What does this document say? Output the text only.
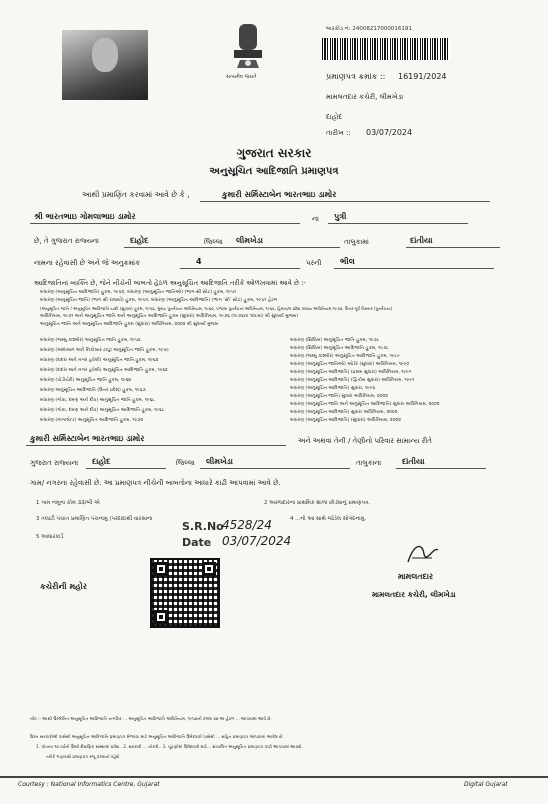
સત્યમેવ જયતે
બારકોડ નં: 24008217000016191
પ્રમાણપત્ર ક્રમાંક :: 16191/2024
મામલતદાર કચેરી, લીમખેડા
દાહોદ
તારીખ :: 03/07/2024
ગુજરાત સરકાર
અનુસૂચિત આદિજાતિ પ્રમાણપત્ર
આથી પ્રમાણિત કરવામાં આવે છે કે ,	કુમારી સર્મિસ્ટાબેન ભારતભાઇ ડામોર
શ્રી ભારતભાઇ ગોમલાભાઇ ડામોર	ના પુત્રી
છે, તે ગુજરાત રાજ્યના	દાહોદ	જિલ્લા લીમખેડા	તાલુકામાં	દાંતીયા
નામના રહેવાસી છે અને જે અનુક્રમાંક	4	પરની ભીલ
આદિજાતિનાં વ્યક્તિ છે, જેને નીચેની બાબતો હેઠળ અનુસૂચિત આદિજાતિ તરીકે ઓળખવામાં આવે છે :-
બંધારણ (અનુસૂચિત આદિજાતિ) હુકમ, ૧૯૫૦, બંધારણ (અનુસૂચિત જાતિઓ) (ભાગ-સી સ્ટેટ) હુકમ, ૧૯૫૧
બંધારણ (અનુસૂચિત જાતિ) (ભાગ સી રાજ્યો) હુકમ, ૧૯૫૧, બંધારણ (અનુસૂચિત આદિજાતિ) (ભાગ ‘સી’ સ્ટેટ) હુકમ, ૧૯૫૧ હેઠળ
(અનુસૂચિત જાતિ / અનુસૂચિત આદિજાતિ યાદી (સુધારા) હુકમ, ૧૯૫૬, મુંબઇ પુનર્રચના અધિનિયમ, ૧૯૬૦, પંજાબ પુનર્રચના અધિનિયમ, ૧૯૬૬, હિમાચલ પ્રદેશ રાજ્ય અધિનિયમ,૧૯૭૦, ઉત્તર-પૂર્વ વિસ્તાર (પુનર્રચના)
અધિનિયમ, ૧૯૭૧ અને અનુસૂચિત જાતિ અને અનુસૂચિત આદિજાતિ હુકમ (સુધારા) અધિનિયમ, ૧૯૭૬ (૧૯૭૬ના ૧૦૮માં) થી સુધાર્યા મુજબ)
અનુસૂચિત જાતિ અને અનુસૂચિત આદિજાતિ હુકમ (સુધારા) અધિનિયમ, ૨૦૦૨ થી સુધાર્યા મુજબ
બંધારણ (જમ્મુ કાશ્મીર) અનુસૂચિત જાતિ હુકમ, ૧૯૫૬
બંધારણ (આંદામાન અને નિકોબાર ટાપુ) અનુસૂચિત જાતિ હુકમ, ૧૯૫૯
બંધારણ (દાદરા અને નગર હવેલી) અનુસૂચિત જાતિ હુકમ, ૧૯૬૨
બંધારણ (દાદરા અને નગર હવેલી) અનુસૂચિત આદિજાતિ હુકમ, ૧૯૬૨
બંધારણ (પોંડીચેરી) અનુસૂચિત જાતિ હુકમ, ૧૯૬૪
બંધારણ અનુસૂચિત આદિજાતિ (ઉત્તર પ્રદેશ) હુકમ, ૧૯૬૭
બંધારણ (ગોવા, દમણ અને દીવ) અનુસૂચિત જાતિ હુકમ, ૧૯૬૮
બંધારણ (ગોવા, દમણ અને દીવ) અનુસૂચિત આદિજાતિ હુકમ, ૧૯૬૮
બંધારણ (નાગાલેન્ડ) અનુસૂચિત આદિજાતિ હુકમ, ૧૯૭૦
બંધારણ (સિક્કિમ) અનુસૂચિત જાતિ હુકમ, ૧૯૭૮
બંધારણ (સિક્કિમ) અનુસૂચિત આદિજાતિ હુકમ, ૧૯૭૮
બંધારણ (જમ્મુ કાશ્મીર) અનુસૂચિત આદિજાતિ હુકમ, ૧૯૮૯
બંધારણ (અનુસૂચિત જાતિઓ) ઓર્ડર (સુધારા) અધિનિયમ, ૧૯૯૦
બંધારણ (અનુસૂચિત આદિજાતિ) (પ્રથમ સુધારા) અધિનિયમ, ૧૯૯૧
બંધારણ (અનુસૂચિત આદિજાતિ) (દ્વિતીય સુધારા) અધિનિયમ, ૧૯૯૧
બંધારણ (અનુસૂચિત આદિજાતિ) સુધારા, ૧૯૯૬
બંધારણ (અનુસૂચિત જાતિ) સુધારા અધિનિયમ, ૨૦૦૨
બંધારણ (અનુસૂચિત જાતિ અને અનુસૂચિત આદિજાતિ) સુધારા અધિનિયમ, ૨૦૦૨
બંધારણ (અનુસૂચિત આદિજાતિ) સુધારા અધિનિયમ, ૨૦૦૨
બંધારણ (અનુસૂચિત આદિજાતિ) (સુધારા) અધિનિયમ, ૨૦૦૨
કુમારી સર્મિસ્ટાબેન ભારતભાઇ ડામોર	અને અથવા તેની / તેણીનો પરિવાર સામાન્ય રીતે
ગુજરાત રાજ્યના દાહોદ	જિલ્લા લીમખેડા	તાલુકાના	દાંતીયા
ગામ/ નગરના રહેવાસી છે. આ પ્રમાણપત્ર નીચેની બાબતોના આધારે કાઢી આપવામાં આવે છે.
1 ગામ નમૂના કોમ ૩૩/બી એ	2 અરજદારના પ્રાથમિક શાળા છોડ્યાનું પ્રમાણપત્ર.
3 તલાટી પંચાત પ્રમાણિત પંચનામુ (પરદાદાથી વારસાના	4 ...નો આ સાથે જોડેલ સોગંદનામુ.
5 આધારકાર્ડ
S.R.No
4528/24
Date 03/07/2024
કચેરીની મહોર
મામલતદાર
મામલતદાર કચેરી, લીમખેડા
નોંધ :- આથી ઉલ્લેખિત અનુસૂચિત આદિજાતિ નાગરિક ... અનુસૂચિત આદિજાતિ અધિનિયમ, ૧૯૫૦ની કલમ ૨૦-અ હેઠળ ... આપવામાં આવે છે.
ઉક્ત સરકારીશ્રી પાસેથી અનુસૂચિત આદિજાતિ પ્રમાણપત્ર મેળવવા માટે અનુસૂચિત આદિજાતિ ઉમેદવારો પાસેથી ... સહિત પ્રમાણપત્ર આપવામાં આવેલ છે.
1. પોતાના ૧૦ વર્ષની ઉંમરે શૈક્ષણિક સંસ્થામાં પ્રવેશ.. 2. સરકારી ... નોકરી.. 3. ચૂંટણીમાં ઉમેદવારી માટે... સંચાલિત અનુસૂચિત પ્રમાણપત્ર કાઢી આપવામાં આવશે.
તરીકે ગણાવાશે પ્રમાણપત્ર રજૂ કરવાનો રહેશે.
Courtesy : National Informatics Centre, Gujarat	Digital Gujarat
